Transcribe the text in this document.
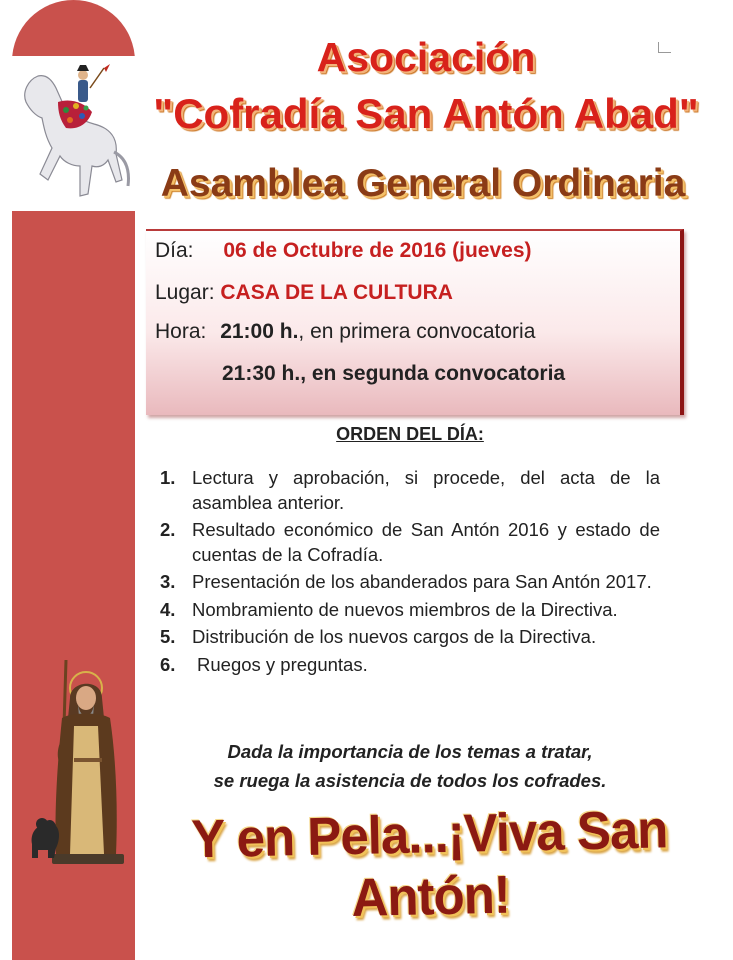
Asociación
"Cofradía San Antón Abad"
Asamblea General Ordinaria
Día: 06 de Octubre de 2016 (jueves)
Lugar: CASA DE LA CULTURA
Hora: 21:00 h., en primera convocatoria
21:30 h., en segunda convocatoria
ORDEN DEL DÍA:
1. Lectura y aprobación, si procede, del acta de la asamblea anterior.
2. Resultado económico de San Antón 2016 y estado de cuentas de la Cofradía.
3. Presentación de los abanderados para San Antón 2017.
4. Nombramiento de nuevos miembros de la Directiva.
5. Distribución de los nuevos cargos de la Directiva.
6.	Ruegos y preguntas.
Dada la importancia de los temas a tratar,
se ruega la asistencia de todos los cofrades.
Y en Pela...¡Viva San Antón!
